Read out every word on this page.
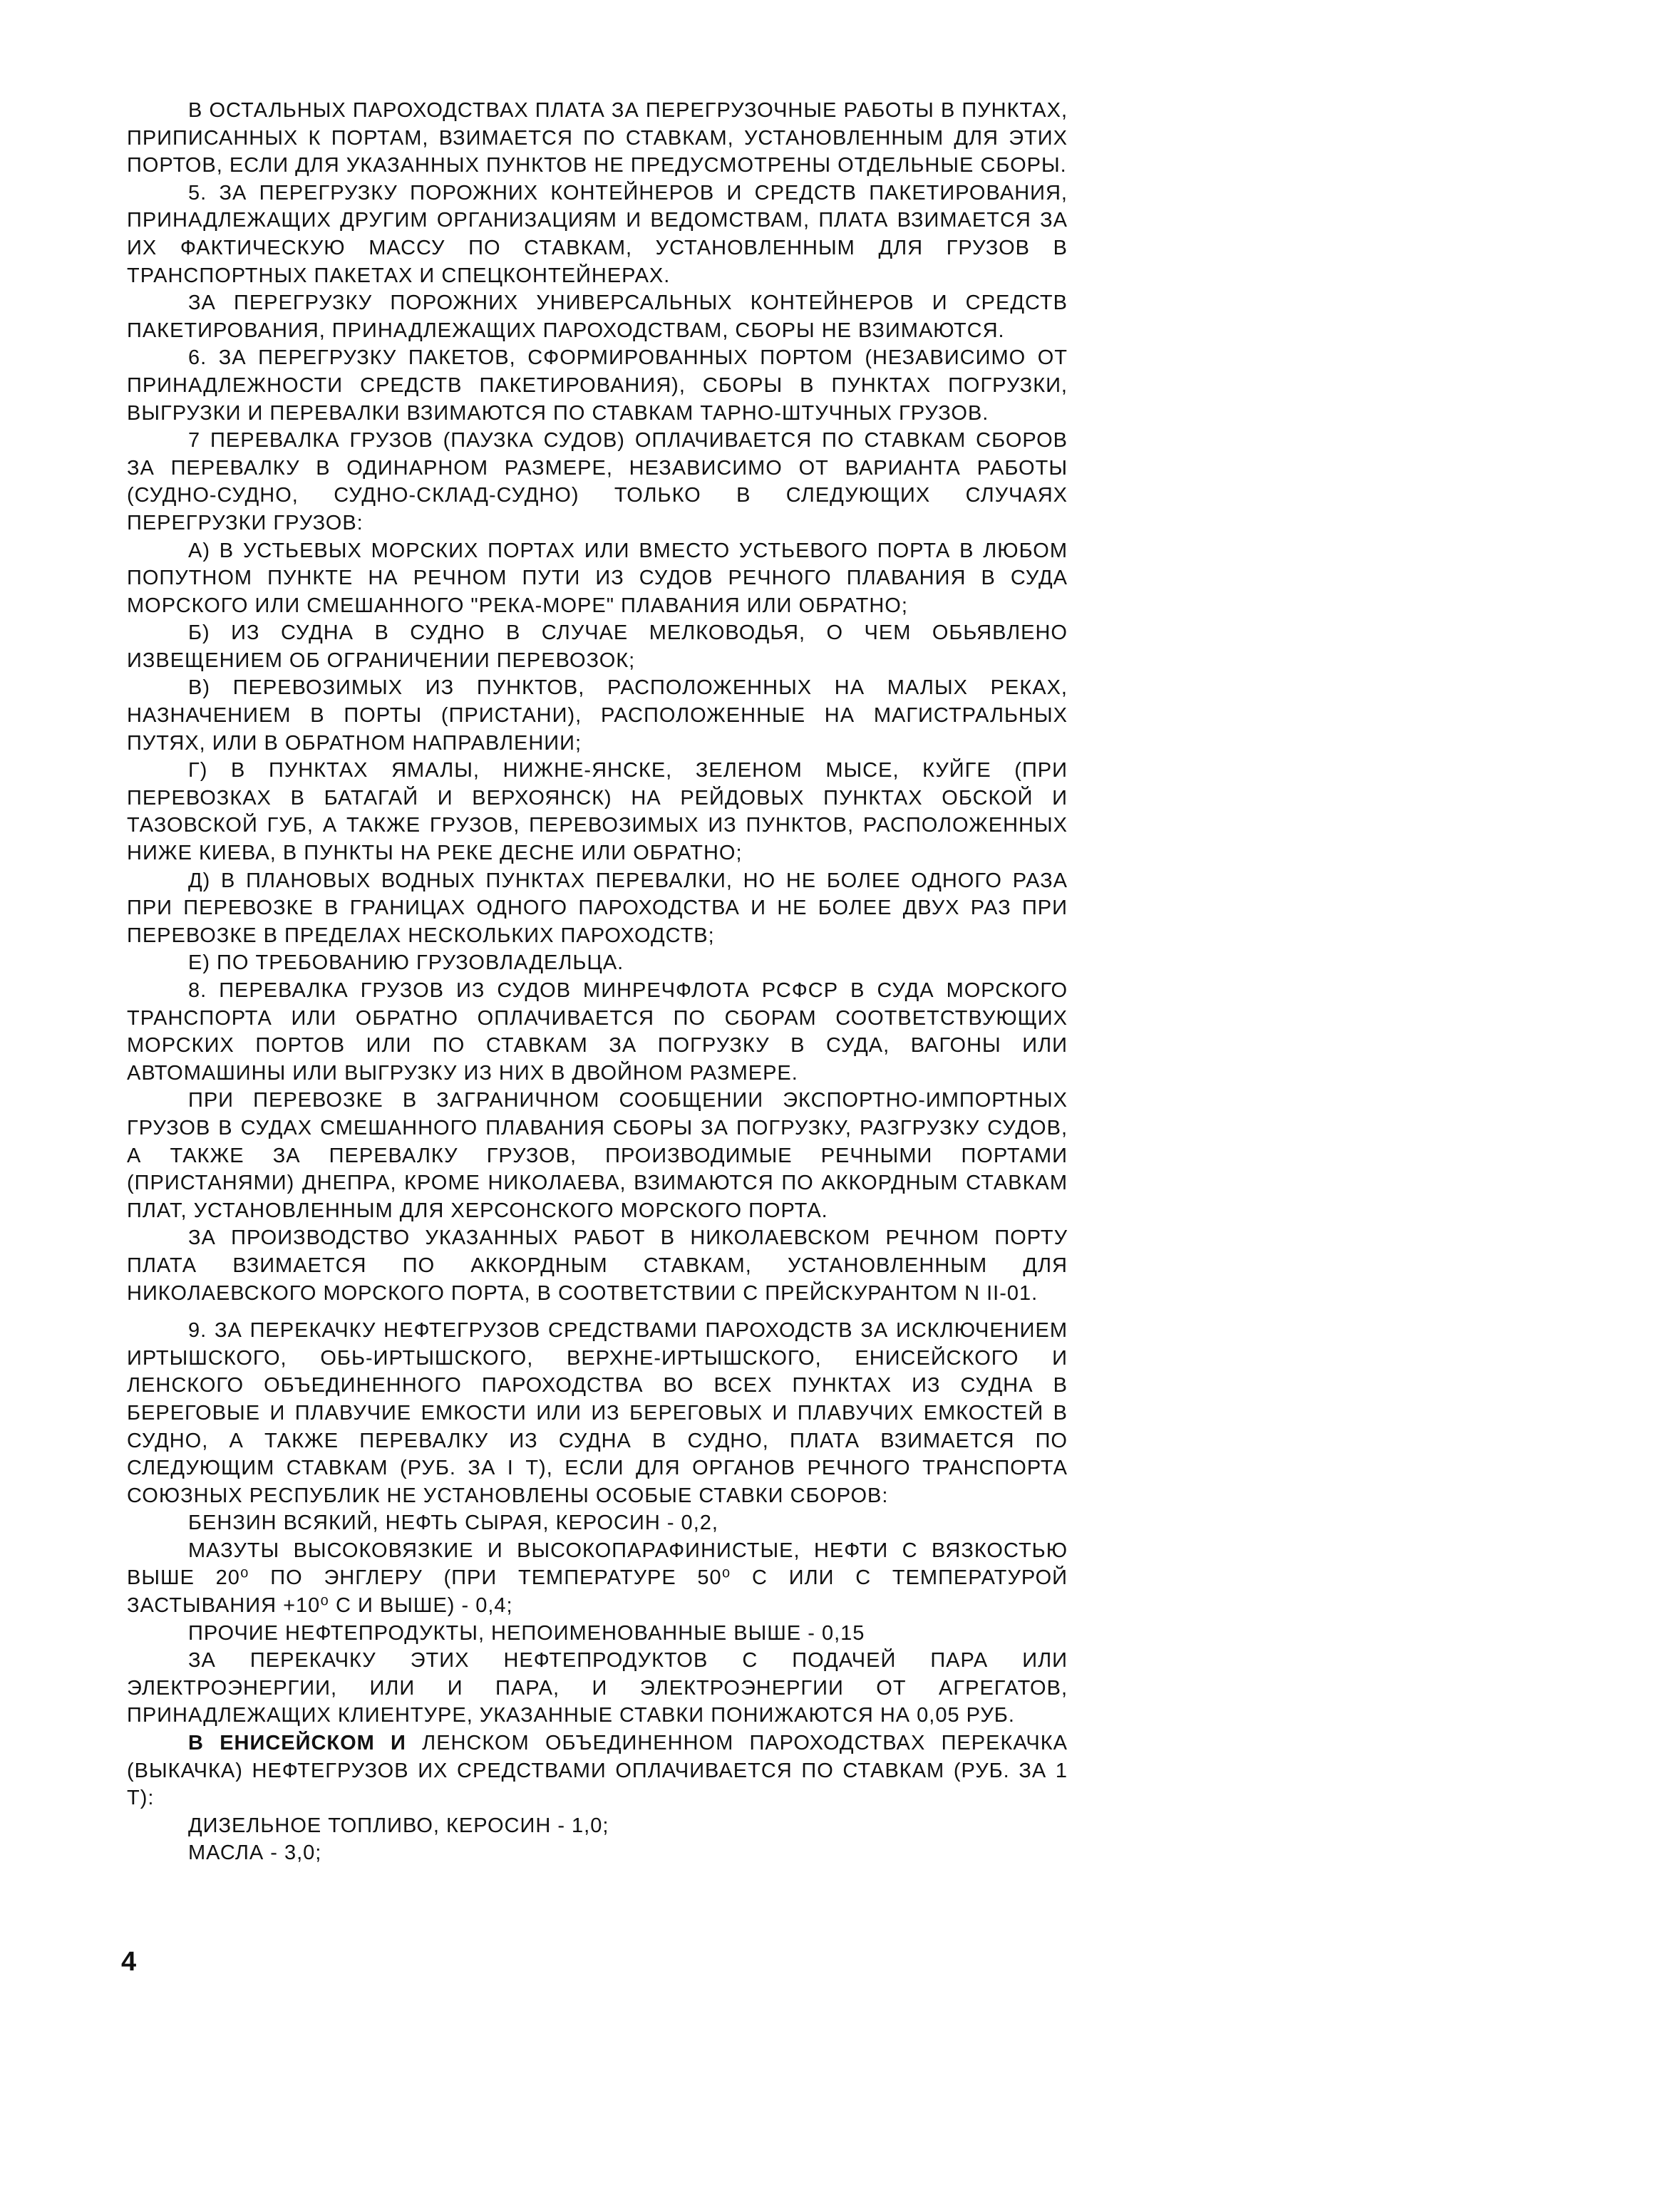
В ОСТАЛЬНЫХ ПАРОХОДСТВАХ ПЛАТА ЗА ПЕРЕГРУЗОЧНЫЕ РАБОТЫ В ПУНКТАХ, ПРИПИСАННЫХ К ПОРТАМ, ВЗИМАЕТСЯ ПО СТАВКАМ, УСТАНОВЛЕННЫМ ДЛЯ ЭТИХ ПОРТОВ, ЕСЛИ ДЛЯ УКАЗАННЫХ ПУНКТОВ НЕ ПРЕДУСМОТРЕНЫ ОТДЕЛЬНЫЕ СБОРЫ.

5. ЗА ПЕРЕГРУЗКУ ПОРОЖНИХ КОНТЕЙНЕРОВ И СРЕДСТВ ПАКЕТИРОВАНИЯ, ПРИНАДЛЕЖАЩИХ ДРУГИМ ОРГАНИЗАЦИЯМ И ВЕДОМСТВАМ, ПЛАТА ВЗИМАЕТСЯ ЗА ИХ ФАКТИЧЕСКУЮ МАССУ ПО СТАВКАМ, УСТАНОВЛЕННЫМ ДЛЯ ГРУЗОВ В ТРАНСПОРТНЫХ ПАКЕТАХ И СПЕЦКОНТЕЙНЕРАХ.

ЗА ПЕРЕГРУЗКУ ПОРОЖНИХ УНИВЕРСАЛЬНЫХ КОНТЕЙНЕРОВ И СРЕДСТВ ПАКЕТИРОВАНИЯ, ПРИНАДЛЕЖАЩИХ ПАРОХОДСТВАМ, СБОРЫ НЕ ВЗИМАЮТСЯ.

6. ЗА ПЕРЕГРУЗКУ ПАКЕТОВ, СФОРМИРОВАННЫХ ПОРТОМ (НЕЗАВИСИМО ОТ ПРИНАДЛЕЖНОСТИ СРЕДСТВ ПАКЕТИРОВАНИЯ), СБОРЫ В ПУНКТАХ ПОГРУЗКИ, ВЫГРУЗКИ И ПЕРЕВАЛКИ ВЗИМАЮТСЯ ПО СТАВКАМ ТАРНО-ШТУЧНЫХ ГРУЗОВ.

7 ПЕРЕВАЛКА ГРУЗОВ (ПАУЗКА СУДОВ) ОПЛАЧИВАЕТСЯ ПО СТАВКАМ СБОРОВ ЗА ПЕРЕВАЛКУ В ОДИНАРНОМ РАЗМЕРЕ, НЕЗАВИСИМО ОТ ВАРИАНТА РАБОТЫ (СУДНО-СУДНО, СУДНО-СКЛАД-СУДНО) ТОЛЬКО В СЛЕДУЮЩИХ СЛУЧАЯХ ПЕРЕГРУЗКИ ГРУЗОВ:

А) В УСТЬЕВЫХ МОРСКИХ ПОРТАХ ИЛИ ВМЕСТО УСТЬЕВОГО ПОРТА В ЛЮБОМ ПОПУТНОМ ПУНКТЕ НА РЕЧНОМ ПУТИ ИЗ СУДОВ РЕЧНОГО ПЛАВАНИЯ В СУДА МОРСКОГО ИЛИ СМЕШАННОГО "РЕКА-МОРЕ" ПЛАВАНИЯ ИЛИ ОБРАТНО;

Б) ИЗ СУДНА В СУДНО В СЛУЧАЕ МЕЛКОВОДЬЯ, О ЧЕМ ОБЬЯВЛЕНО ИЗВЕЩЕНИЕМ ОБ ОГРАНИЧЕНИИ ПЕРЕВОЗОК;

В) ПЕРЕВОЗИМЫХ ИЗ ПУНКТОВ, РАСПОЛОЖЕННЫХ НА МАЛЫХ РЕКАХ, НАЗНАЧЕНИЕМ В ПОРТЫ (ПРИСТАНИ), РАСПОЛОЖЕННЫЕ НА МАГИСТРАЛЬНЫХ ПУТЯХ, ИЛИ В ОБРАТНОМ НАПРАВЛЕНИИ;

Г) В ПУНКТАХ ЯМАЛЫ, НИЖНЕ-ЯНСКЕ, ЗЕЛЕНОМ МЫСЕ, КУЙГЕ (ПРИ ПЕРЕВОЗКАХ В БАТАГАЙ И ВЕРХОЯНСК) НА РЕЙДОВЫХ ПУНКТАХ ОБСКОЙ И ТАЗОВСКОЙ ГУБ, А ТАКЖЕ ГРУЗОВ, ПЕРЕВОЗИМЫХ ИЗ ПУНКТОВ, РАСПОЛОЖЕННЫХ НИЖЕ КИЕВА, В ПУНКТЫ НА РЕКЕ ДЕСНЕ ИЛИ ОБРАТНО;

Д) В ПЛАНОВЫХ ВОДНЫХ ПУНКТАХ ПЕРЕВАЛКИ, НО НЕ БОЛЕЕ ОДНОГО РАЗА ПРИ ПЕРЕВОЗКЕ В ГРАНИЦАХ ОДНОГО ПАРОХОДСТВА И НЕ БОЛЕЕ ДВУХ РАЗ ПРИ ПЕРЕВОЗКЕ В ПРЕДЕЛАХ НЕСКОЛЬКИХ ПАРОХОДСТВ;

Е) ПО ТРЕБОВАНИЮ ГРУЗОВЛАДЕЛЬЦА.

8. ПЕРЕВАЛКА ГРУЗОВ ИЗ СУДОВ МИНРЕЧФЛОТА РСФСР В СУДА МОРСКОГО ТРАНСПОРТА ИЛИ ОБРАТНО ОПЛАЧИВАЕТСЯ ПО СБОРАМ СООТВЕТСТВУЮЩИХ МОРСКИХ ПОРТОВ ИЛИ ПО СТАВКАМ ЗА ПОГРУЗКУ В СУДА, ВАГОНЫ ИЛИ АВТОМАШИНЫ ИЛИ ВЫГРУЗКУ ИЗ НИХ В ДВОЙНОМ РАЗМЕРЕ.

ПРИ ПЕРЕВОЗКЕ В ЗАГРАНИЧНОМ СООБЩЕНИИ ЭКСПОРТНО-ИМПОРТНЫХ ГРУЗОВ В СУДАХ СМЕШАННОГО ПЛАВАНИЯ СБОРЫ ЗА ПОГРУЗКУ, РАЗГРУЗКУ СУДОВ, А ТАКЖЕ ЗА ПЕРЕВАЛКУ ГРУЗОВ, ПРОИЗВОДИМЫЕ РЕЧНЫМИ ПОРТАМИ (ПРИСТАНЯМИ) ДНЕПРА, КРОМЕ НИКОЛАЕВА, ВЗИМАЮТСЯ ПО АККОРДНЫМ СТАВКАМ ПЛАТ, УСТАНОВЛЕННЫМ ДЛЯ ХЕРСОНСКОГО МОРСКОГО ПОРТА.

ЗА ПРОИЗВОДСТВО УКАЗАННЫХ РАБОТ В НИКОЛАЕВСКОМ РЕЧНОМ ПОРТУ ПЛАТА ВЗИМАЕТСЯ ПО АККОРДНЫМ СТАВКАМ, УСТАНОВЛЕННЫМ ДЛЯ НИКОЛАЕВСКОГО МОРСКОГО ПОРТА, В СООТВЕТСТВИИ С ПРЕЙСКУРАНТОМ N II-01.

9. ЗА ПЕРЕКАЧКУ НЕФТЕГРУЗОВ СРЕДСТВАМИ ПАРОХОДСТВ ЗА ИСКЛЮЧЕНИЕМ ИРТЫШСКОГО, ОБЬ-ИРТЫШСКОГО, ВЕРХНЕ-ИРТЫШСКОГО, ЕНИСЕЙСКОГО И ЛЕНСКОГО ОБЪЕДИНЕННОГО ПАРОХОДСТВА ВО ВСЕХ ПУНКТАХ ИЗ СУДНА В БЕРЕГОВЫЕ И ПЛАВУЧИЕ ЕМКОСТИ ИЛИ ИЗ БЕРЕГОВЫХ И ПЛАВУЧИХ ЕМКОСТЕЙ В СУДНО, А ТАКЖЕ ПЕРЕВАЛКУ ИЗ СУДНА В СУДНО, ПЛАТА ВЗИМАЕТСЯ ПО СЛЕДУЮЩИМ СТАВКАМ (РУБ. ЗА I Т), ЕСЛИ ДЛЯ ОРГАНОВ РЕЧНОГО ТРАНСПОРТА СОЮЗНЫХ РЕСПУБЛИК НЕ УСТАНОВЛЕНЫ ОСОБЫЕ СТАВКИ СБОРОВ:

БЕНЗИН ВСЯКИЙ, НЕФТЬ СЫРАЯ, КЕРОСИН - 0,2,

МАЗУТЫ ВЫСОКОВЯЗКИЕ И ВЫСОКОПАРАФИНИСТЫЕ, НЕФТИ С ВЯЗКОСТЬЮ ВЫШЕ 20⁰ ПО ЭНГЛЕРУ (ПРИ ТЕМПЕРАТУРЕ 50⁰ С ИЛИ С ТЕМПЕРАТУРОЙ ЗАСТЫВАНИЯ +10⁰ С И ВЫШЕ) - 0,4;

ПРОЧИЕ НЕФТЕПРОДУКТЫ, НЕПОИМЕНОВАННЫЕ ВЫШЕ - 0,15

ЗА ПЕРЕКАЧКУ ЭТИХ НЕФТЕПРОДУКТОВ С ПОДАЧЕЙ ПАРА ИЛИ ЭЛЕКТРОЭНЕРГИИ, ИЛИ И ПАРА, И ЭЛЕКТРОЭНЕРГИИ ОТ АГРЕГАТОВ, ПРИНАДЛЕЖАЩИХ КЛИЕНТУРЕ, УКАЗАННЫЕ СТАВКИ ПОНИЖАЮТСЯ НА 0,05 РУБ.

В ЕНИСЕЙСКОМ И ЛЕНСКОМ ОБЪЕДИНЕННОМ ПАРОХОДСТВАХ ПЕРЕКАЧКА (ВЫКАЧКА) НЕФТЕГРУЗОВ ИХ СРЕДСТВАМИ ОПЛАЧИВАЕТСЯ ПО СТАВКАМ (РУБ. ЗА 1 Т):

ДИЗЕЛЬНОЕ ТОПЛИВО, КЕРОСИН - 1,0;

МАСЛА - 3,0;

4
